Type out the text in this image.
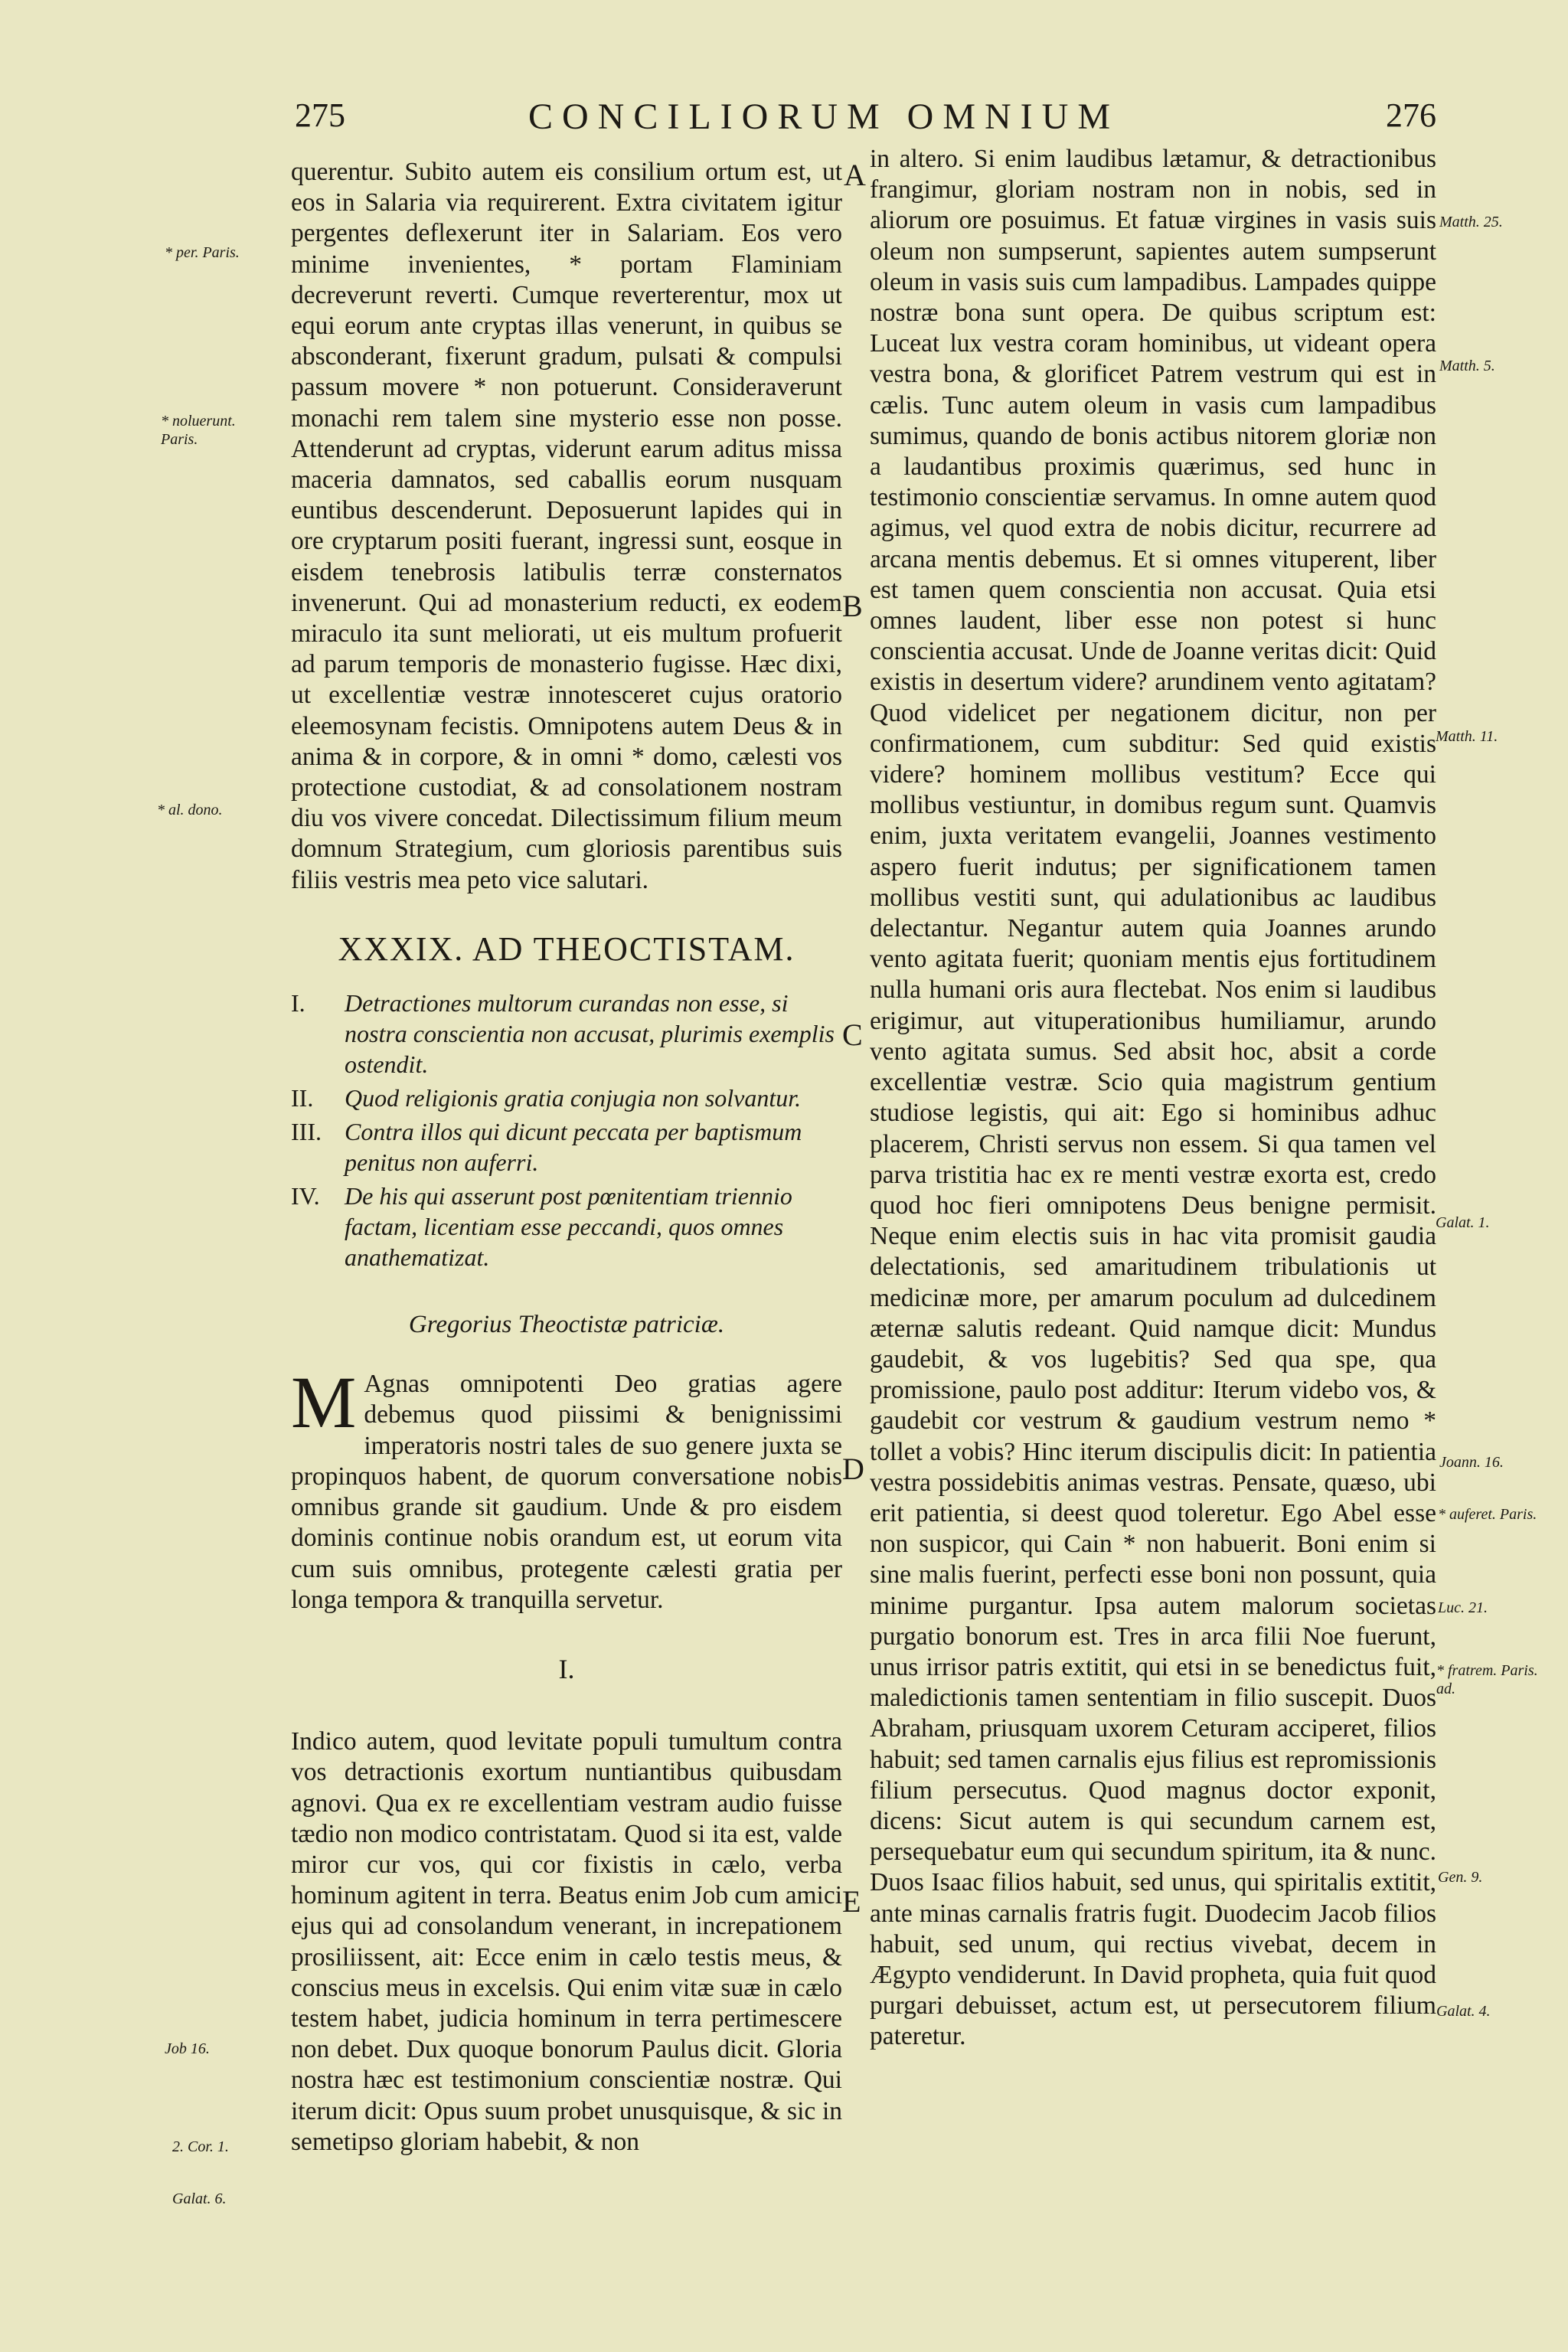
275	CONCILIORUM OMNIUM	276

querentur. Subito autem eis consilium ortum est, ut eos in Salaria via requirerent. Extra civitatem igitur pergentes deflexerunt iter in Salariam. Eos vero minime invenientes, * portam Flaminiam decreverunt reverti. Cumque reverterentur, mox ut equi eorum ante cryptas illas venerunt, in quibus se absconderant, fixerunt gradum, pulsati & compulsi passum movere * non potuerunt. Consideraverunt monachi rem talem sine mysterio esse non posse. Attenderunt ad cryptas, viderunt earum aditus missa maceria damnatos, sed caballis eorum nusquam euntibus descenderunt. Deposuerunt lapides qui in ore cryptarum positi fuerant, ingressi sunt, eosque in eisdem tenebrosis latibulis terræ consternatos invenerunt. Qui ad monasterium reducti, ex eodem miraculo ita sunt meliorati, ut eis multum profuerit ad parum temporis de monasterio fugisse. Hæc dixi, ut excellentiæ vestræ innotesceret cujus oratorio eleemosynam fecistis. Omnipotens autem Deus & in anima & in corpore, & in omni * domo, cælesti vos protectione custodiat, & ad consolationem nostram diu vos vivere concedat. Dilectissimum filium meum domnum Strategium, cum gloriosis parentibus suis filiis vestris mea peto vice salutari.

XXXIX. AD THEOCTISTAM.
I. Detractiones multorum curandas non esse, si nostra conscientia non accusat, plurimis exemplis ostendit.
II. Quod religionis gratia conjugia non solvantur.
III. Contra illos qui dicunt peccata per baptismum penitus non auferri.
IV. De his qui asserunt post pœnitentiam triennio factam, licentiam esse peccandi, quos omnes anathematizat.
Gregorius Theoctistæ patriciæ.

M Agnas omnipotenti Deo gratias agere debemus quod piissimi & benignissimi imperatoris nostri tales de suo genere juxta se propinquos habent, de quorum conversatione nobis omnibus grande sit gaudium. Unde & pro eisdem dominis continue nobis orandum est, ut eorum vita cum suis omnibus, protegente cælesti gratia per longa tempora & tranquilla servetur.

I.

Indico autem, quod levitate populi tumultum contra vos detractionis exortum nuntiantibus quibusdam agnovi. Qua ex re excellentiam vestram audio fuisse tædio non modico contristatam. Quod si ita est, valde miror cur vos, qui cor fixistis in cælo, verba hominum agitent in terra. Beatus enim Job cum amici ejus qui ad consolandum venerant, in increpationem prosiliissent, ait: Ecce enim in cælo testis meus, & conscius meus in excelsis. Qui enim vitæ suæ in cælo testem habet, judicia hominum in terra pertimescere non debet. Dux quoque bonorum Paulus dicit. Gloria nostra hæc est testimonium conscientiæ nostræ. Qui iterum dicit: Opus suum probet unusquisque, & sic in semetipso gloriam habebit, & non

in altero. Si enim laudibus lætamur, & detractionibus frangimur, gloriam nostram non in nobis, sed in aliorum ore posuimus. Et fatuæ virgines in vasis suis oleum non sumpserunt, sapientes autem sumpserunt oleum in vasis suis cum lampadibus. Lampades quippe nostræ bona sunt opera. De quibus scriptum est: Luceat lux vestra coram hominibus, ut videant opera vestra bona, & glorificet Patrem vestrum qui est in cælis. Tunc autem oleum in vasis cum lampadibus sumimus, quando de bonis actibus nitorem gloriæ non a laudantibus proximis quærimus, sed hunc in testimonio conscientiæ servamus. In omne autem quod agimus, vel quod extra de nobis dicitur, recurrere ad arcana mentis debemus. Et si omnes vituperent, liber est tamen quem conscientia non accusat. Quia etsi omnes laudent, liber esse non potest si hunc conscientia accusat. Unde de Joanne veritas dicit: Quid existis in desertum videre? arundinem vento agitatam? Quod videlicet per negationem dicitur, non per confirmationem, cum subditur: Sed quid existis videre? hominem mollibus vestitum? Ecce qui mollibus vestiuntur, in domibus regum sunt. Quamvis enim, juxta veritatem evangelii, Joannes vestimento aspero fuerit indutus; per significationem tamen mollibus vestiti sunt, qui adulationibus ac laudibus delectantur. Negantur autem quia Joannes arundo vento agitata fuerit; quoniam mentis ejus fortitudinem nulla humani oris aura flectebat. Nos enim si laudibus erigimur, aut vituperationibus humiliamur, arundo vento agitata sumus. Sed absit hoc, absit a corde excellentiæ vestræ. Scio quia magistrum gentium studiose legistis, qui ait: Ego si hominibus adhuc placerem, Christi servus non essem. Si qua tamen vel parva tristitia hac ex re menti vestræ exorta est, credo quod hoc fieri omnipotens Deus benigne permisit. Neque enim electis suis in hac vita promisit gaudia delectationis, sed amaritudinem tribulationis ut medicinæ more, per amarum poculum ad dulcedinem æternæ salutis redeant. Quid namque dicit: Mundus gaudebit, & vos lugebitis? Sed qua spe, qua promissione, paulo post additur: Iterum videbo vos, & gaudebit cor vestrum & gaudium vestrum nemo * tollet a vobis? Hinc iterum discipulis dicit: In patientia vestra possidebitis animas vestras. Pensate, quæso, ubi erit patientia, si deest quod toleretur. Ego Abel esse non suspicor, qui Cain * non habuerit. Boni enim si sine malis fuerint, perfecti esse boni non possunt, quia minime purgantur. Ipsa autem malorum societas purgatio bonorum est. Tres in arca filii Noe fuerunt, unus irrisor patris extitit, qui etsi in se benedictus fuit, maledictionis tamen sententiam in filio suscepit. Duos Abraham, priusquam uxorem Ceturam acciperet, filios habuit; sed tamen carnalis ejus filius est repromissionis filium persecutus. Quod magnus doctor exponit, dicens: Sicut autem is qui secundum carnem est, persequebatur eum qui secundum spiritum, ita & nunc. Duos Isaac filios habuit, sed unus, qui spiritalis extitit, ante minas carnalis fratris fugit. Duodecim Jacob filios habuit, sed unum, qui rectius vivebat, decem in Ægypto vendiderunt. In David propheta, quia fuit quod purgari debuisset, actum est, ut persecutorem filium pateretur.

A
B
C
D
E
* per. Paris.
* noluerunt. Paris.
* al. dono.
Job 16.
2. Cor. 1.
Galat. 6.
Matth. 25.
Matth. 5.
Matth. 11.
Galat. 1.
Joann. 16.
* auferet. Paris.
Luc. 21.
* fratrem. Paris. ad.
Gen. 9.
Galat. 4.
